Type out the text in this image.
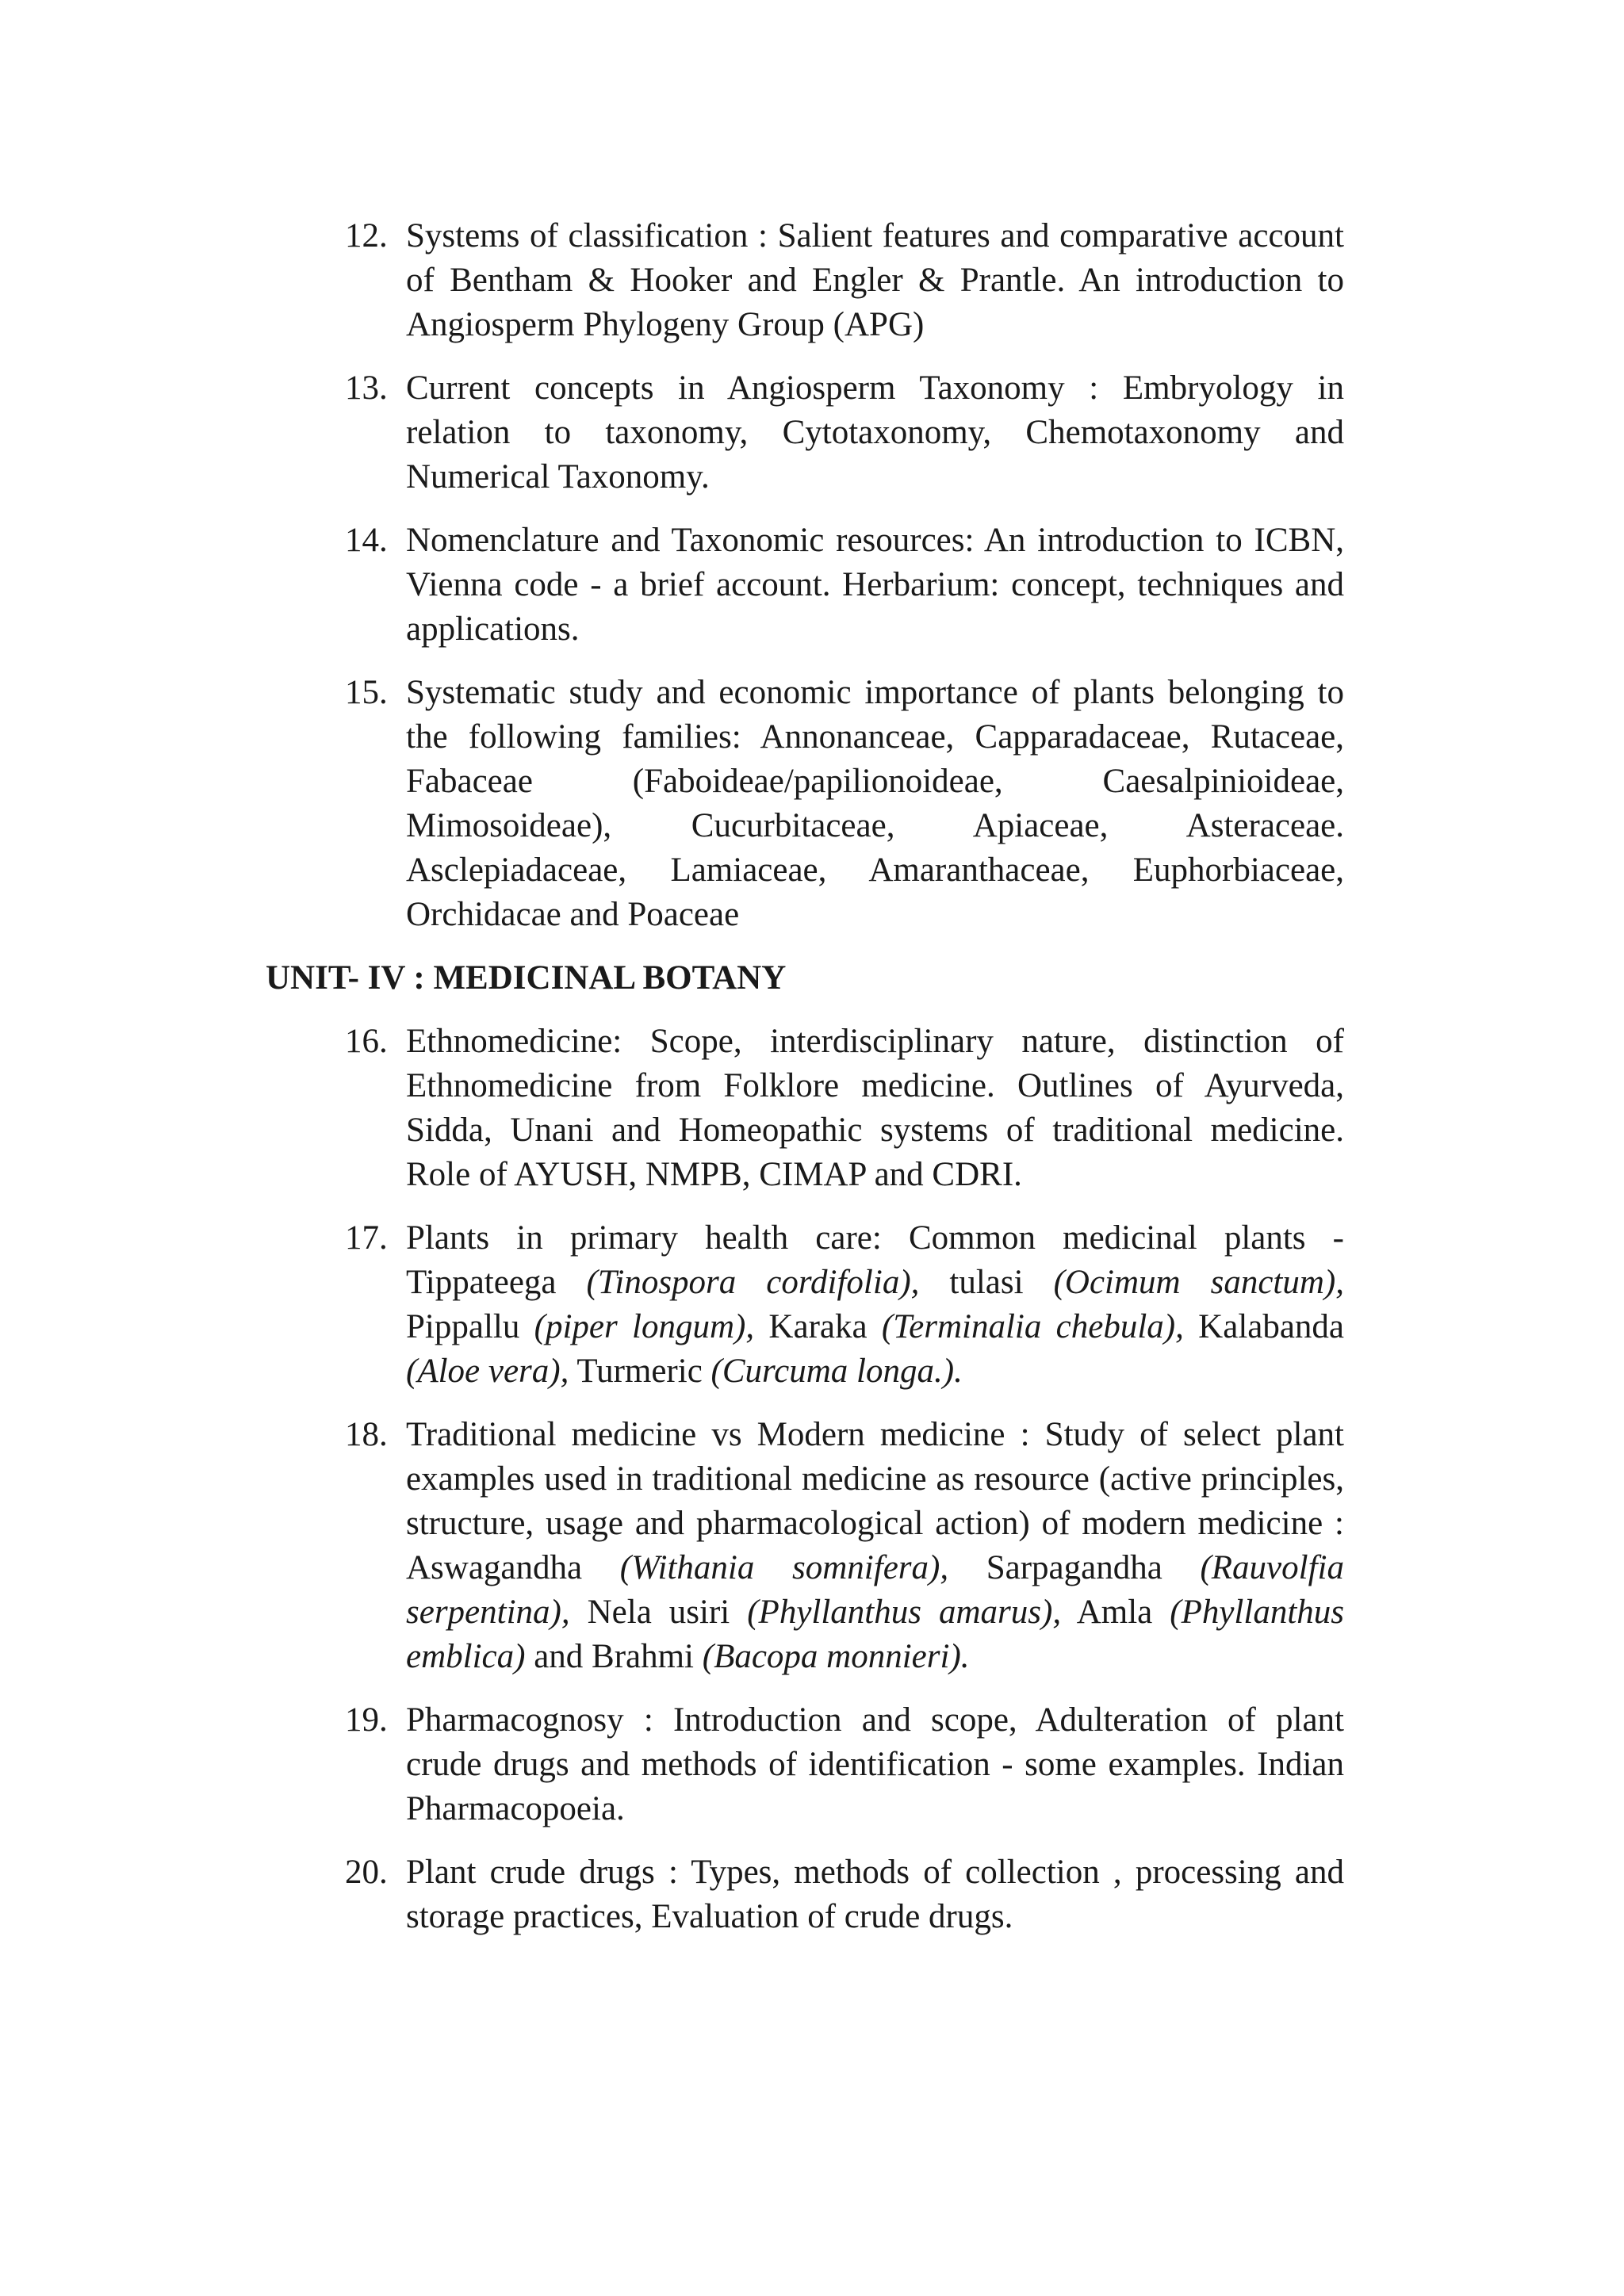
12. Systems of classification : Salient features and comparative account of Bentham & Hooker and Engler & Prantle. An introduction to Angiosperm Phylogeny Group (APG)
13. Current concepts in Angiosperm Taxonomy : Embryology in relation to taxonomy, Cytotaxonomy, Chemotaxonomy and Numerical Taxonomy.
14. Nomenclature and Taxonomic resources: An introduction to ICBN, Vienna code - a brief account. Herbarium: concept, techniques and applications.
15. Systematic study and economic importance of plants belonging to the following families: Annonanceae, Capparadaceae, Rutaceae, Fabaceae (Faboideae/papilionoideae, Caesalpinioideae, Mimosoideae), Cucurbitaceae, Apiaceae, Asteraceae. Asclepiadaceae, Lamiaceae, Amaranthaceae, Euphorbiaceae, Orchidacae and Poaceae
UNIT- IV : MEDICINAL BOTANY
16. Ethnomedicine: Scope, interdisciplinary nature, distinction of Ethnomedicine from Folklore medicine. Outlines of Ayurveda, Sidda, Unani and Homeopathic systems of traditional medicine. Role of AYUSH, NMPB, CIMAP and CDRI.
17. Plants in primary health care: Common medicinal plants - Tippateega (Tinospora cordifolia), tulasi (Ocimum sanctum), Pippallu (piper longum), Karaka (Terminalia chebula), Kalabanda (Aloe vera), Turmeric (Curcuma longa.).
18. Traditional medicine vs Modern medicine : Study of select plant examples used in traditional medicine as resource (active principles, structure, usage and pharmacological action) of modern medicine : Aswagandha (Withania somnifera), Sarpagandha (Rauvolfia serpentina), Nela usiri (Phyllanthus amarus), Amla (Phyllanthus emblica) and Brahmi (Bacopa monnieri).
19. Pharmacognosy : Introduction and scope, Adulteration of plant crude drugs and methods of identification - some examples. Indian Pharmacopoeia.
20. Plant crude drugs : Types, methods of collection , processing and storage practices, Evaluation of crude drugs.
